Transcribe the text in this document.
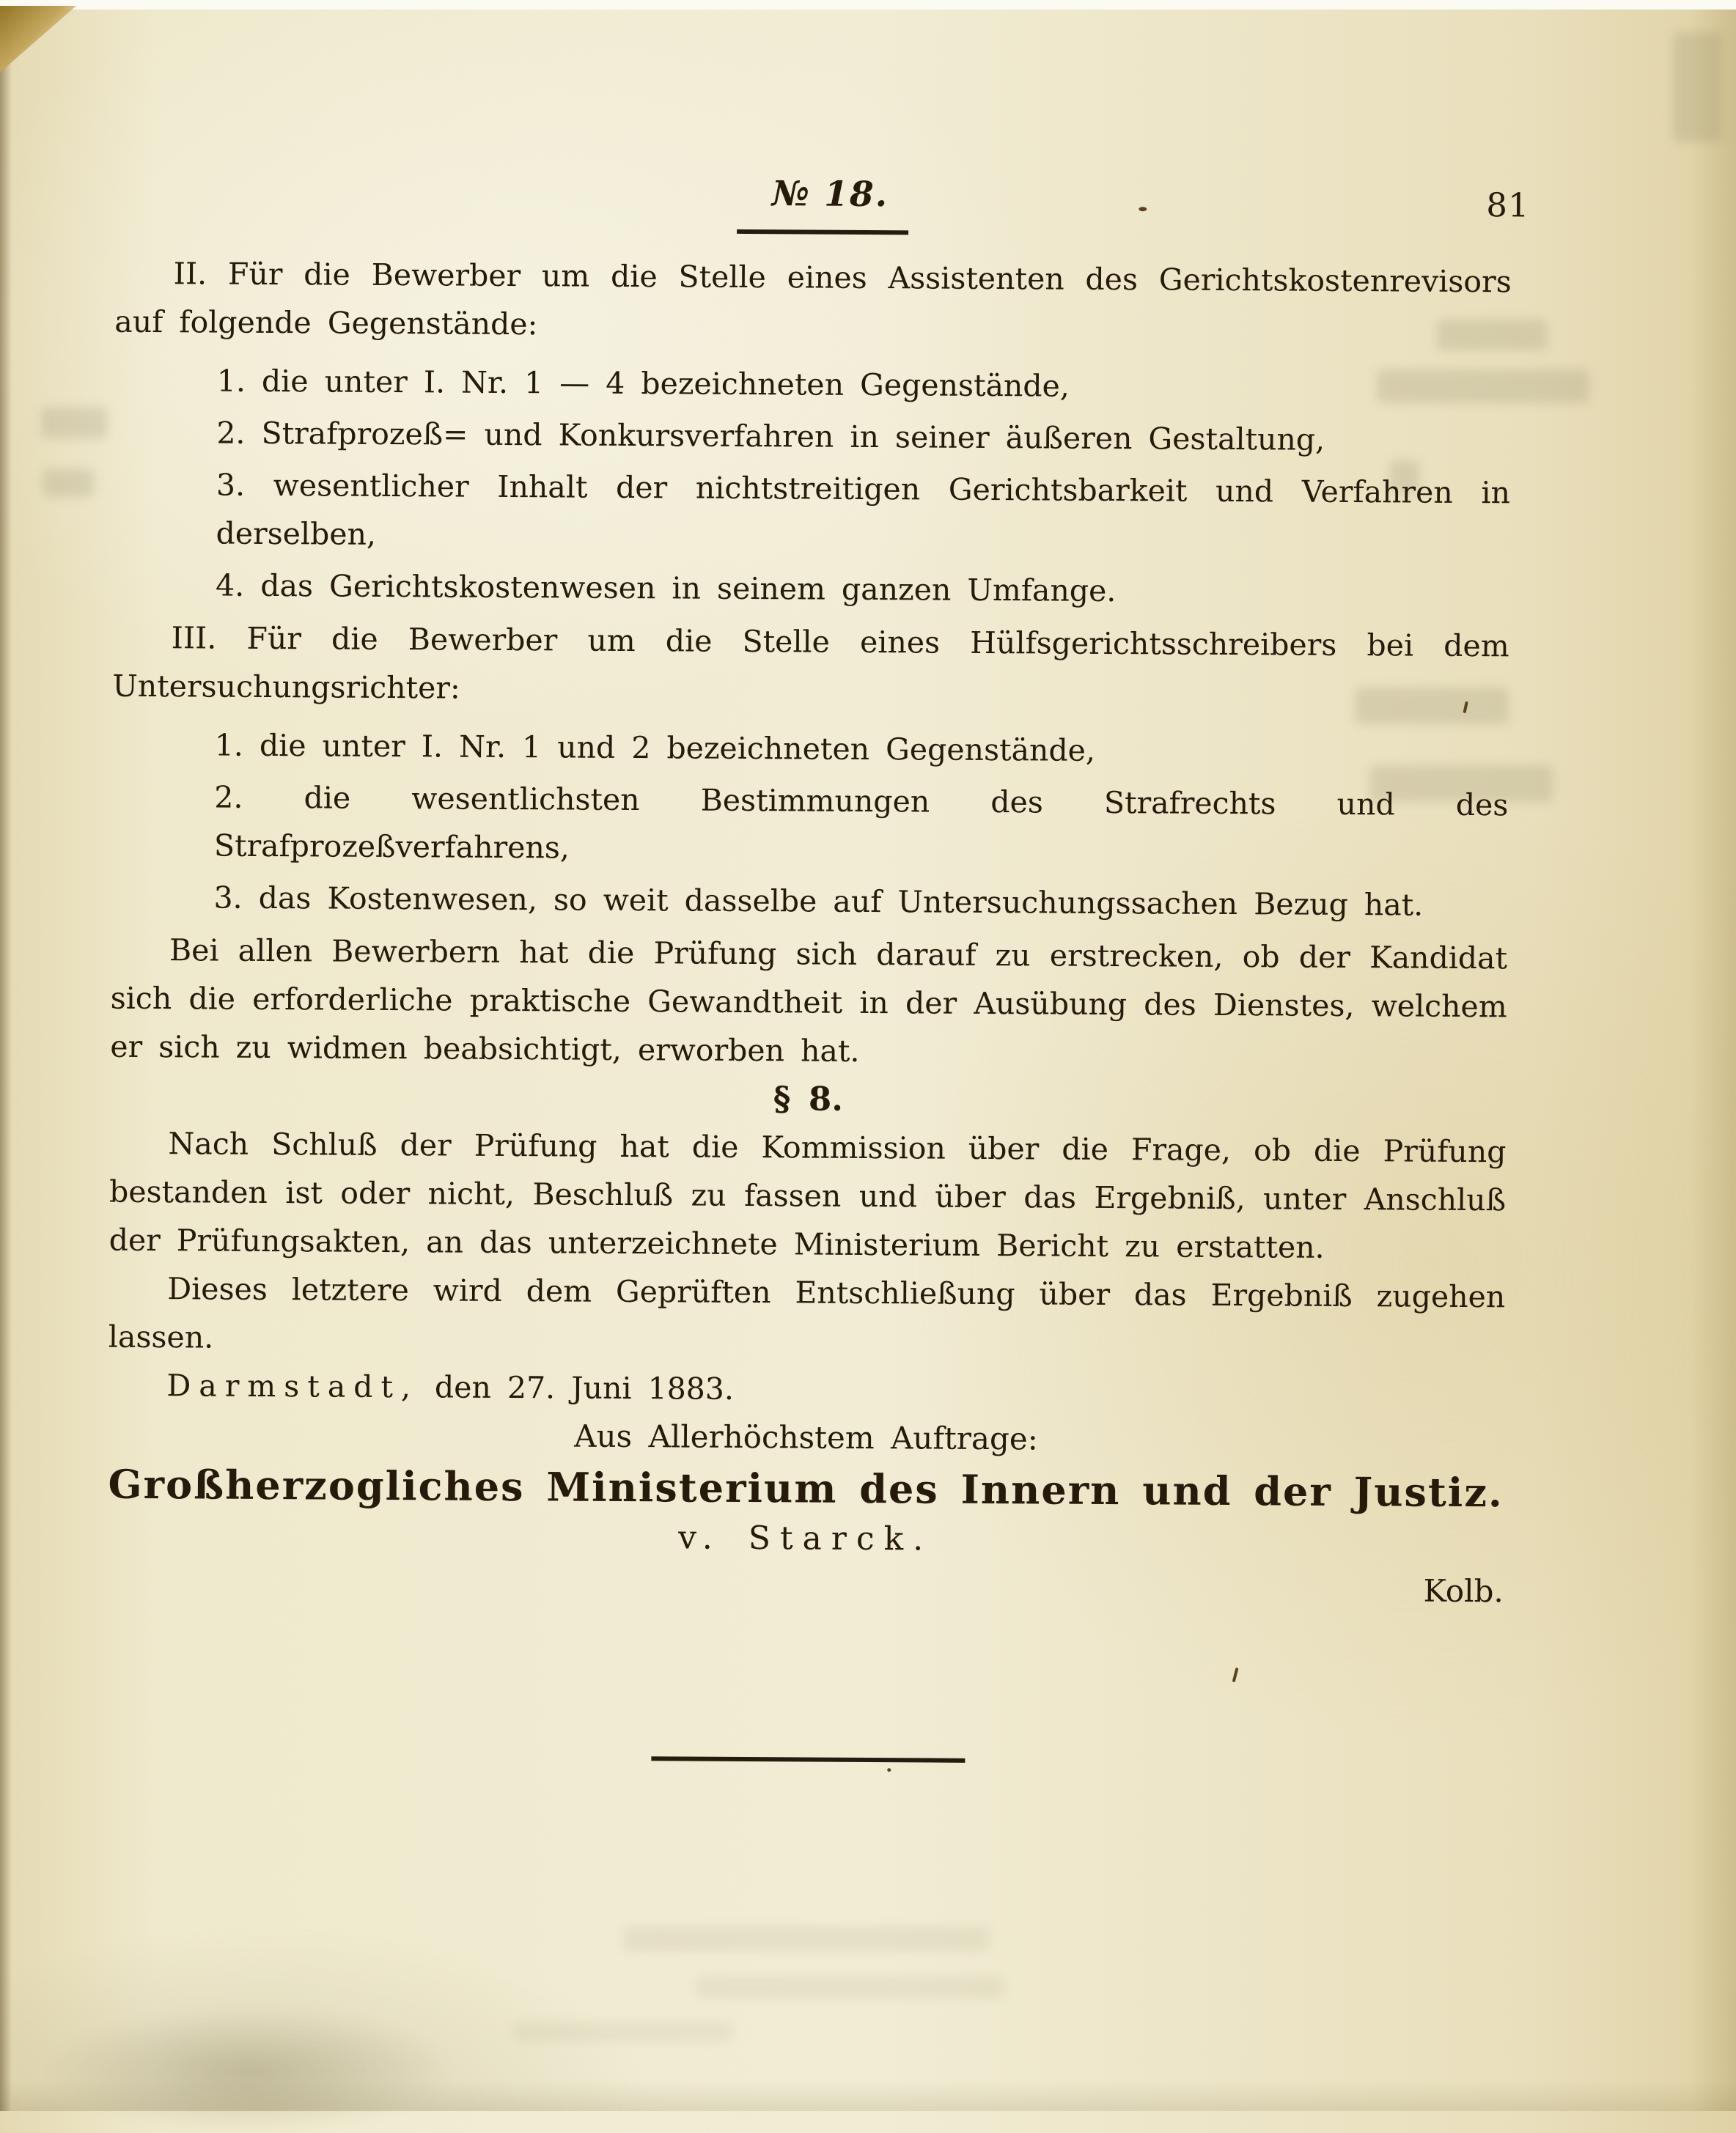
№ 18.	81

II. Für die Bewerber um die Stelle eines Assistenten des Gerichtskostenrevisors auf folgende Gegenstände:

1. die unter I. Nr. 1 — 4 bezeichneten Gegenstände,
2. Strafprozeß= und Konkursverfahren in seiner äußeren Gestaltung,
3. wesentlicher Inhalt der nichtstreitigen Gerichtsbarkeit und Verfahren in derselben,
4. das Gerichtskostenwesen in seinem ganzen Umfange.

III. Für die Bewerber um die Stelle eines Hülfsgerichtsschreibers bei dem Untersuchungsrichter:

1. die unter I. Nr. 1 und 2 bezeichneten Gegenstände,
2. die wesentlichsten Bestimmungen des Strafrechts und des Strafprozeßverfahrens,
3. das Kostenwesen, so weit dasselbe auf Untersuchungssachen Bezug hat.

Bei allen Bewerbern hat die Prüfung sich darauf zu erstrecken, ob der Kandidat sich die erforderliche praktische Gewandtheit in der Ausübung des Dienstes, welchem er sich zu widmen beabsichtigt, erworben hat.

§ 8.

Nach Schluß der Prüfung hat die Kommission über die Frage, ob die Prüfung bestanden ist oder nicht, Beschluß zu fassen und über das Ergebniß, unter Anschluß der Prüfungsakten, an das unterzeichnete Ministerium Bericht zu erstatten.

Dieses letztere wird dem Geprüften Entschließung über das Ergebniß zugehen lassen.

Darmstadt, den 27. Juni 1883.

Aus Allerhöchstem Auftrage:

Großherzogliches Ministerium des Innern und der Justiz.

v. Starck.

Kolb.
